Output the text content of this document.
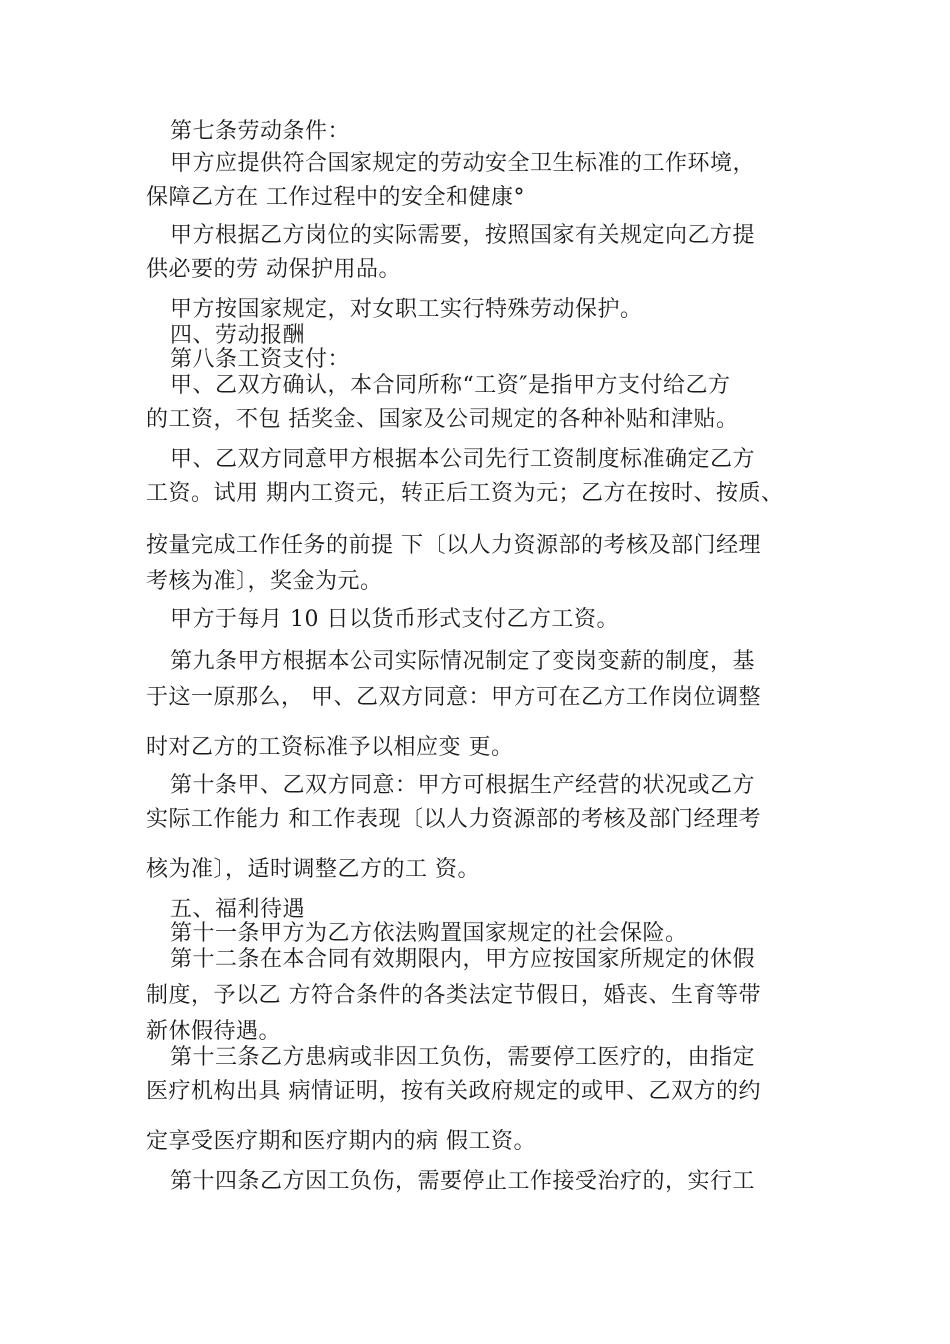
第七条劳动条件：
甲方应提供符合国家规定的劳动安全卫生标准的工作环境，
保障乙方在 工作过程中的安全和健康°
甲方根据乙方岗位的实际需要，按照国家有关规定向乙方提
供必要的劳 动保护用品。
甲方按国家规定，对女职工实行特殊劳动保护。
四、劳动报酬
第八条工资支付：
甲、乙双方确认，本合同所称“工资″是指甲方支付给乙方
的工资，不包 括奖金、国家及公司规定的各种补贴和津贴。
甲、乙双方同意甲方根据本公司先行工资制度标准确定乙方
工资。试用 期内工资元，转正后工资为元；乙方在按时、按质、
按量完成工作任务的前提 下〔以人力资源部的考核及部门经理
考核为准〕，奖金为元。
甲方于每月 10 日以货币形式支付乙方工资。
第九条甲方根据本公司实际情况制定了变岗变薪的制度，基
于这一原那么， 甲、乙双方同意：甲方可在乙方工作岗位调整
时对乙方的工资标准予以相应变 更。
第十条甲、乙双方同意：甲方可根据生产经营的状况或乙方
实际工作能力 和工作表现〔以人力资源部的考核及部门经理考
核为准〕，适时调整乙方的工 资。
五、福利待遇
第十一条甲方为乙方依法购置国家规定的社会保险。
第十二条在本合同有效期限内，甲方应按国家所规定的休假
制度，予以乙 方符合条件的各类法定节假日，婚丧、生育等带
新休假待遇。
第十三条乙方患病或非因工负伤，需要停工医疗的，由指定
医疗机构出具 病情证明，按有关政府规定的或甲、乙双方的约
定享受医疗期和医疗期内的病 假工资。
第十四条乙方因工负伤，需要停止工作接受治疗的，实行工
